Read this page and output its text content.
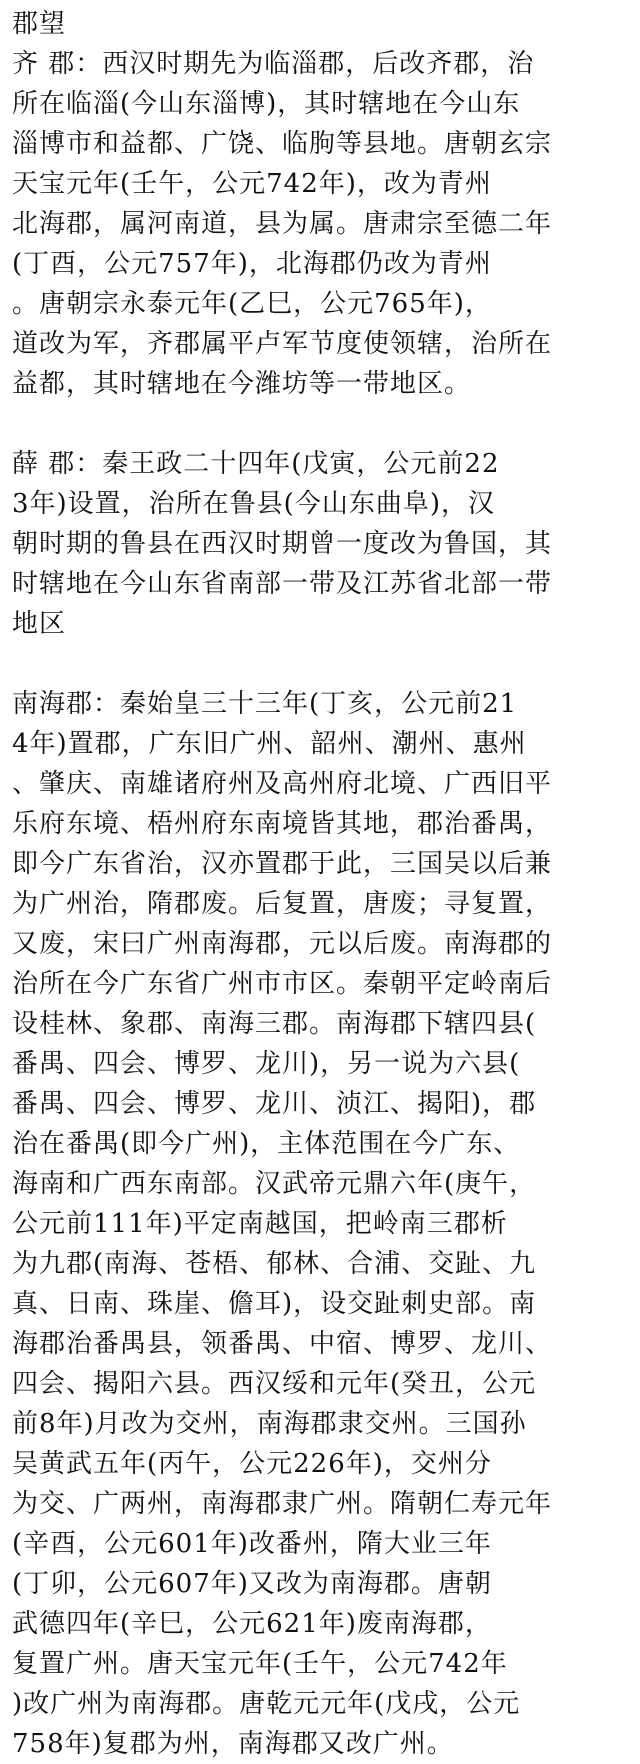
郡望
齐 郡：西汉时期先为临淄郡，后改齐郡，治
所在临淄(今山东淄博)，其时辖地在今山东
淄博市和益都、广饶、临朐等县地。唐朝玄宗
天宝元年(壬午，公元742年)，改为青州
北海郡，属河南道，县为属。唐肃宗至德二年
(丁酉，公元757年)，北海郡仍改为青州
。唐朝宗永泰元年(乙巳，公元765年)，
道改为军，齐郡属平卢军节度使领辖，治所在
益都，其时辖地在今潍坊等一带地区。
薛 郡：秦王政二十四年(戊寅，公元前22
3年)设置，治所在鲁县(今山东曲阜)，汉
朝时期的鲁县在西汉时期曾一度改为鲁国，其
时辖地在今山东省南部一带及江苏省北部一带
地区
南海郡：秦始皇三十三年(丁亥，公元前21
4年)置郡，广东旧广州、韶州、潮州、惠州
、肇庆、南雄诸府州及高州府北境、广西旧平
乐府东境、梧州府东南境皆其地，郡治番禺，
即今广东省治，汉亦置郡于此，三国吴以后兼
为广州治，隋郡废。后复置，唐废；寻复置，
又废，宋曰广州南海郡，元以后废。南海郡的
治所在今广东省广州市市区。秦朝平定岭南后
设桂林、象郡、南海三郡。南海郡下辖四县(
番禺、四会、博罗、龙川)，另一说为六县(
番禺、四会、博罗、龙川、浈江、揭阳)，郡
治在番禺(即今广州)，主体范围在今广东、
海南和广西东南部。汉武帝元鼎六年(庚午，
公元前111年)平定南越国，把岭南三郡析
为九郡(南海、苍梧、郁林、合浦、交趾、九
真、日南、珠崖、儋耳)，设交趾刺史部。南
海郡治番禺县，领番禺、中宿、博罗、龙川、
四会、揭阳六县。西汉绥和元年(癸丑，公元
前8年)月改为交州，南海郡隶交州。三国孙
吴黄武五年(丙午，公元226年)，交州分
为交、广两州，南海郡隶广州。隋朝仁寿元年
(辛酉，公元601年)改番州，隋大业三年
(丁卯，公元607年)又改为南海郡。唐朝
武德四年(辛巳，公元621年)废南海郡，
复置广州。唐天宝元年(壬午，公元742年
)改广州为南海郡。唐乾元元年(戊戌，公元
758年)复郡为州，南海郡又改广州。
